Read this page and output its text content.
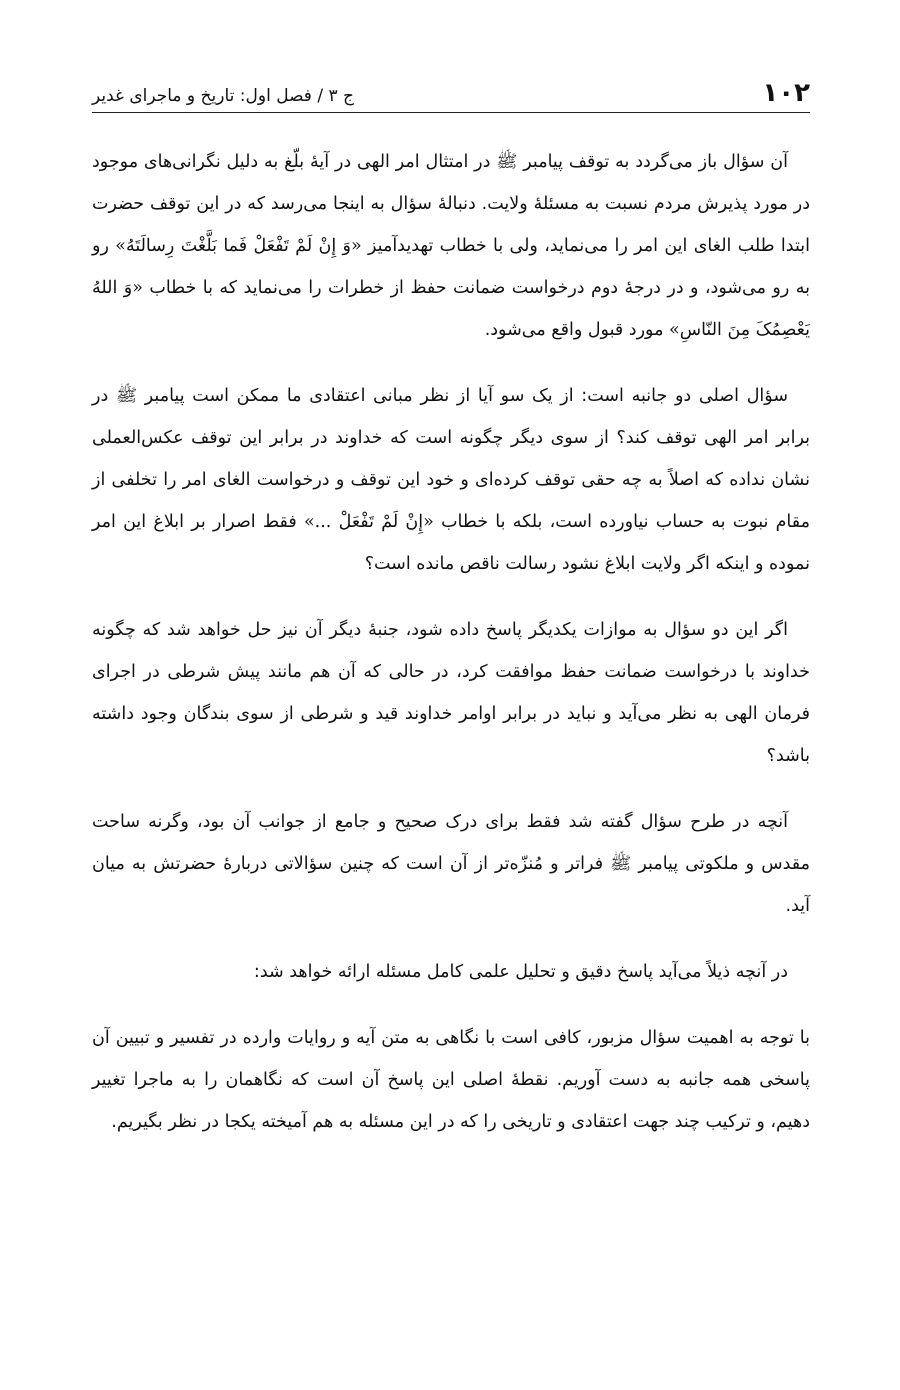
۱۰۲
ج ۳ / فصل اول: تاریخ و ماجرای غدیر

آن سؤال باز می‌گردد به توقف پیامبر ﷺ در امتثال امر الهی در آیهٔ بلّغ به دلیل نگرانی‌های موجود در مورد پذیرش مردم نسبت به مسئلهٔ ولایت. دنبالهٔ سؤال به اینجا می‌رسد که در این توقف حضرت ابتدا طلب الغای این امر را می‌نماید، ولی با خطاب تهدیدآمیز «وَ إِنْ لَمْ تَفْعَلْ فَما بَلَّغْتَ رِسالَتَهُ» رو به رو می‌شود، و در درجهٔ دوم درخواست ضمانت حفظ از خطرات را می‌نماید که با خطاب «وَ اللهُ یَعْصِمُکَ مِنَ النّاسِ» مورد قبول واقع می‌شود.

سؤال اصلی دو جانبه است: از یک سو آیا از نظر مبانی اعتقادی ما ممکن است پیامبر ﷺ در برابر امر الهی توقف کند؟ از سوی دیگر چگونه است که خداوند در برابر این توقف عکس‌العملی نشان نداده که اصلاً به چه حقی توقف کرده‌ای و خود این توقف و درخواست الغای امر را تخلفی از مقام نبوت به حساب نیاورده است، بلکه با خطاب «إِنْ لَمْ تَفْعَلْ ...» فقط اصرار بر ابلاغ این امر نموده و اینکه اگر ولایت ابلاغ نشود رسالت ناقص مانده است؟

اگر این دو سؤال به موازات یکدیگر پاسخ داده شود، جنبهٔ دیگر آن نیز حل خواهد شد که چگونه خداوند با درخواست ضمانت حفظ موافقت کرد، در حالی که آن هم مانند پیش شرطی در اجرای فرمان الهی به نظر می‌آید و نباید در برابر اوامر خداوند قید و شرطی از سوی بندگان وجود داشته باشد؟

آنچه در طرح سؤال گفته شد فقط برای درک صحیح و جامع از جوانب آن بود، وگرنه ساحت مقدس و ملکوتی پیامبر ﷺ فراتر و مُنزّه‌تر از آن است که چنین سؤالاتی دربارهٔ حضرتش به میان آید.

در آنچه ذیلاً می‌آید پاسخ دقیق و تحلیل علمی کامل مسئله ارائه خواهد شد:

با توجه به اهمیت سؤال مزبور، کافی است با نگاهی به متن آیه و روایات وارده در تفسیر و تبیین آن پاسخی همه جانبه به دست آوریم. نقطهٔ اصلی این پاسخ آن است که نگاهمان را به ماجرا تغییر دهیم، و ترکیب چند جهت اعتقادی و تاریخی را که در این مسئله به هم آمیخته یکجا در نظر بگیریم.
